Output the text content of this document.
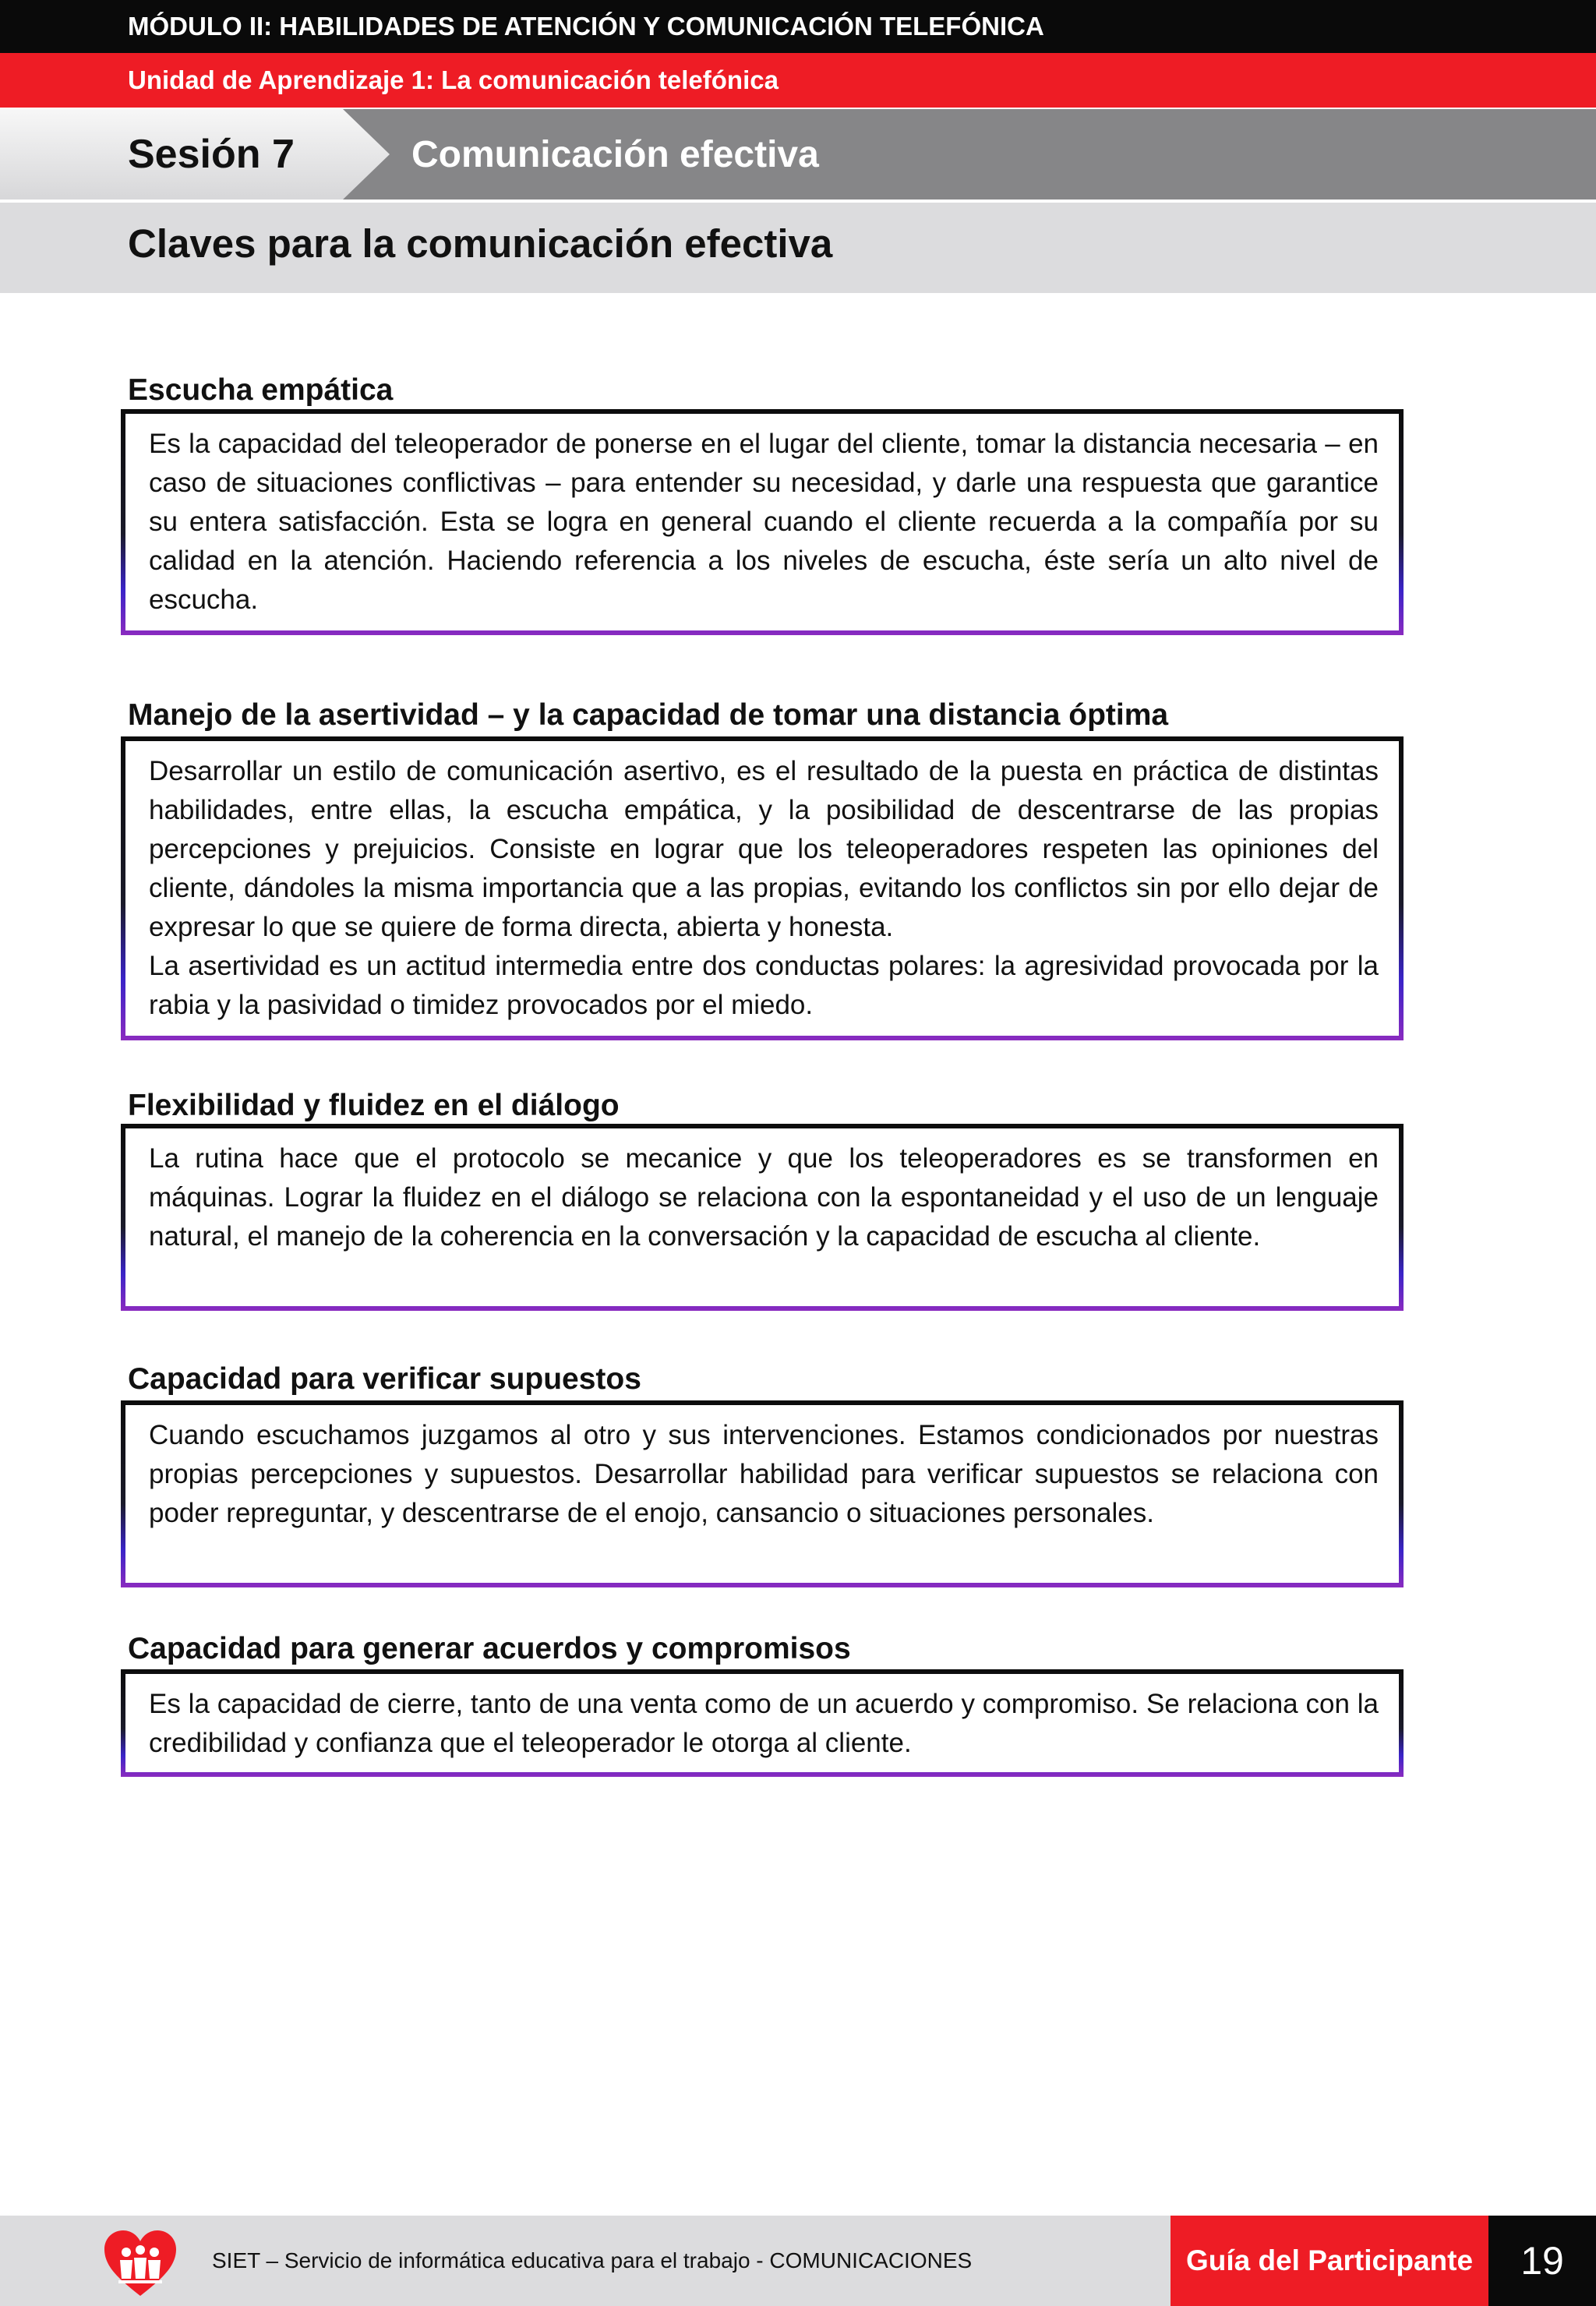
MÓDULO II: HABILIDADES DE ATENCIÓN Y COMUNICACIÓN TELEFÓNICA
Unidad de Aprendizaje 1: La comunicación telefónica
Sesión 7	Comunicación efectiva
Claves para la comunicación efectiva
Escucha empática
Es la capacidad del teleoperador de ponerse en el lugar del cliente, tomar la distancia necesaria – en caso de situaciones conflictivas – para entender su necesidad, y darle una respuesta que garantice su entera satisfacción. Esta se logra en general cuando el cliente recuerda a la compañía por su calidad en la atención. Haciendo referencia a los niveles de escucha, éste sería un alto nivel de escucha.
Manejo de la asertividad – y la capacidad de tomar una distancia óptima
Desarrollar un estilo de comunicación asertivo, es el resultado de la puesta en práctica de distintas habilidades, entre ellas, la escucha empática, y la posibilidad de descentrarse de las propias percepciones y prejuicios. Consiste en lograr que los teleoperadores respeten las opiniones del cliente, dándoles la misma importancia que a las propias, evitando los conflictos sin por ello dejar de expresar lo que se quiere de forma directa, abierta y honesta.
La asertividad es un actitud intermedia entre dos conductas polares: la agresividad provocada por la rabia y la pasividad o timidez provocados por el miedo.
Flexibilidad y fluidez en el diálogo
La rutina hace que el protocolo se mecanice y que los teleoperadores es se transformen en máquinas. Lograr la fluidez en el diálogo se relaciona con la espontaneidad y el uso de un lenguaje natural, el manejo de la coherencia en la conversación y la capacidad de escucha al cliente.
Capacidad para verificar supuestos
Cuando escuchamos juzgamos al otro y sus intervenciones. Estamos condicionados por nuestras propias percepciones y supuestos. Desarrollar habilidad para verificar supuestos se relaciona con poder repreguntar, y descentrarse de el enojo, cansancio o situaciones personales.
Capacidad para generar acuerdos y compromisos
Es la capacidad de cierre, tanto de una venta como de un acuerdo y compromiso. Se relaciona con la credibilidad y confianza que el teleoperador le otorga al cliente.
SIET – Servicio de informática educativa para el trabajo - COMUNICACIONES	Guía del Participante	19
